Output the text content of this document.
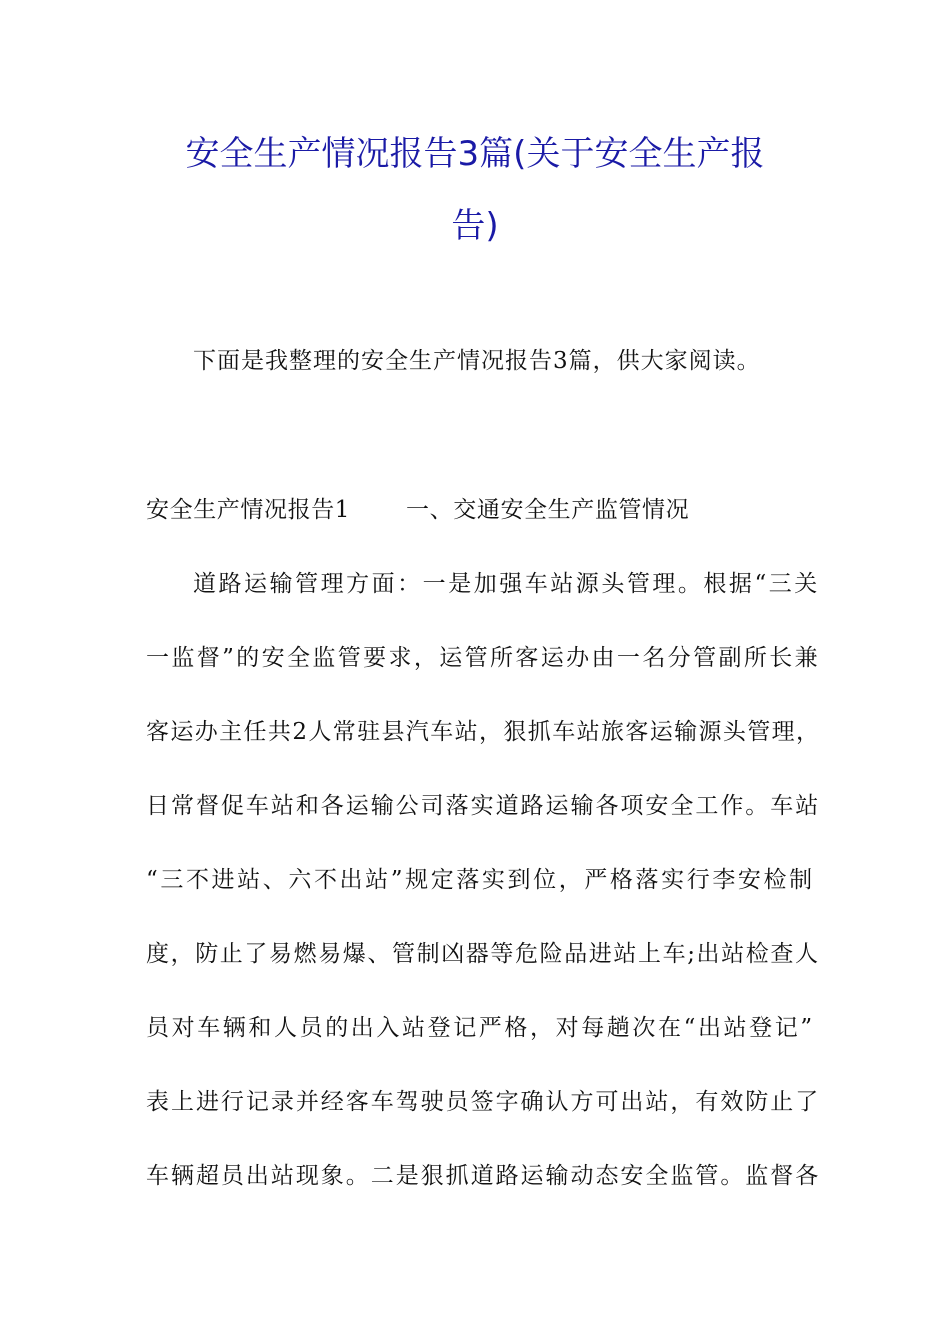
安全生产情况报告3篇(关于安全生产报
告)

下面是我整理的安全生产情况报告3篇，供大家阅读。

安全生产情况报告1 一、交通安全生产监管情况

道路运输管理方面：一是加强车站源头管理。根据“三关

一监督”的安全监管要求，运管所客运办由一名分管副所长兼

客运办主任共2人常驻县汽车站，狠抓车站旅客运输源头管理，

日常督促车站和各运输公司落实道路运输各项安全工作。车站

“三不进站、六不出站”规定落实到位，严格落实行李安检制

度，防止了易燃易爆、管制凶器等危险品进站上车;出站检查人

员对车辆和人员的出入站登记严格，对每趟次在“出站登记”

表上进行记录并经客车驾驶员签字确认方可出站，有效防止了

车辆超员出站现象。二是狠抓道路运输动态安全监管。监督各
